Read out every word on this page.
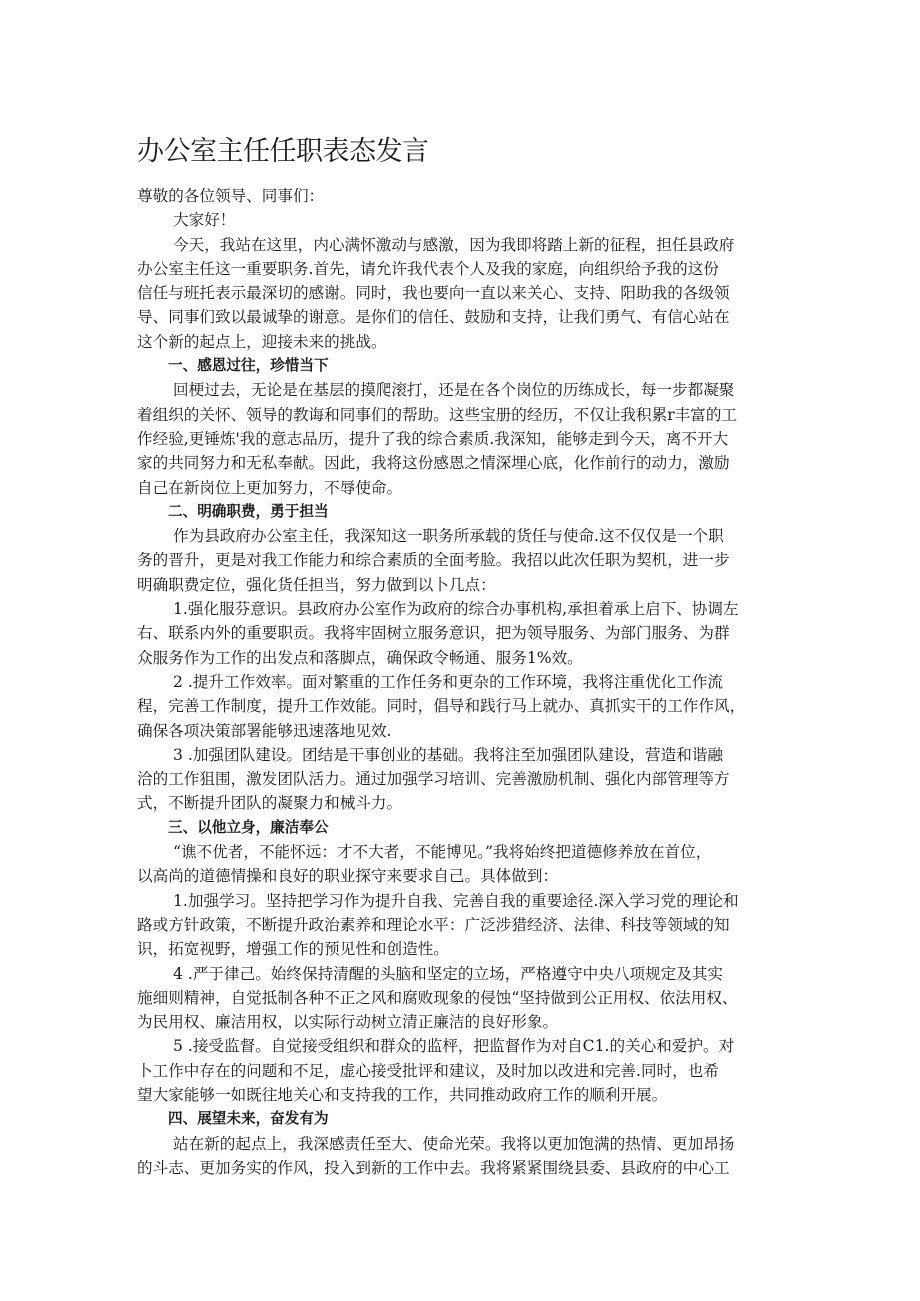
办公室主任任职表态发言

尊敬的各位领导、同事们：

大家好！

今天，我站在这里，内心满怀激动与感激，因为我即将踏上新的征程，担任县政府

办公室主任这一重要职务.首先，请允许我代表个人及我的家庭，向组织给予我的这份

信任与班托表示最深切的感谢。同时，我也要向一直以来关心、支持、阳助我的各级领

导、同事们致以最诚挚的谢意。是你们的信任、鼓励和支持，让我们勇气、有信心站在

这个新的起点上，迎接未来的挑战。

一、感恩过往，珍惜当下

回梗过去，无论是在基层的摸爬滚打，还是在各个岗位的历练成长，每一步都凝聚

着组织的关怀、领导的教诲和同事们的帮助。这些宝册的经历，不仅让我积累r丰富的工

作经验,更锤炼'我的意志品历，提升了我的综合素质.我深知，能够走到今天，离不开大

家的共同努力和无私奉献。因此，我将这份感恩之情深埋心底，化作前行的动力，激励

自己在新岗位上更加努力，不辱使命。

二、明确职费，勇于担当

作为县政府办公室主任，我深知这一职务所承载的货任与使命.这不仅仅是一个职

务的晋升，更是对我工作能力和综合素质的全面考脸。我招以此次任职为契机，进一步

明确职费定位，强化货任担当，努力做到以卜几点：

1.强化服芬意识。县政府办公室作为政府的综合办事机构,承担着承上启下、协调左

右、联系内外的重要职贡。我将牢固树立服务意识，把为领导服务、为部门服务、为群

众服务作为工作的出发点和落脚点，确保政令畅通、服务1%效。

2 .提升工作效率。面对繁重的工作任务和更杂的工作环境，我将注重优化工作流

程，完善工作制度，提升工作效能。同时，倡导和践行马上就办、真抓实干的工作作风，

确保各项决策部署能够迅速落地见效.

3 .加强团队建设。团结是干事创业的基础。我将注至加强团队建设，营造和谐融

洽的工作狙围，激发团队活力。通过加强学习培训、完善激励机制、强化内部管理等方

式，不断提升团队的凝聚力和械斗力。

三、以他立身，廉洁奉公

“谯不优者，不能怀远：才不大者，不能博见。”我将始终把道德修养放在首位，

以高尚的道德情操和良好的职业探守来要求自己。具体做到：

1.加强学习。坚持把学习作为提升自我、完善自我的重要途径.深入学习党的理论和

路或方针政策，不断提升政治素养和理论水平：广泛涉猎经济、法律、科技等领域的知

识，拓宽视野，增强工作的预见性和创造性。

4 .严于律己。始终保持清醒的头脑和坚定的立场，严格遵守中央八项规定及其实

施细则精神，自觉抵制各种不正之风和腐败现象的侵蚀“坚持做到公正用权、依法用权、

为民用权、廉洁用权，以实际行动树立清正廉洁的良好形象。

5 .接受监督。自觉接受组织和群众的监枰，把监督作为对自C1.的关心和爱护。对

卜工作中存在的问题和不足，虚心接受批评和建议，及时加以改进和完善.同时，也希

望大家能够一如既往地关心和支持我的工作，共同推动政府工作的顺利开展。

四、展望未来，奋发有为

站在新的起点上，我深感责任至大、使命光荣。我将以更加饱满的热情、更加昂扬

的斗志、更加务实的作风，投入到新的工作中去。我将紧紧围绕县委、县政府的中心工
